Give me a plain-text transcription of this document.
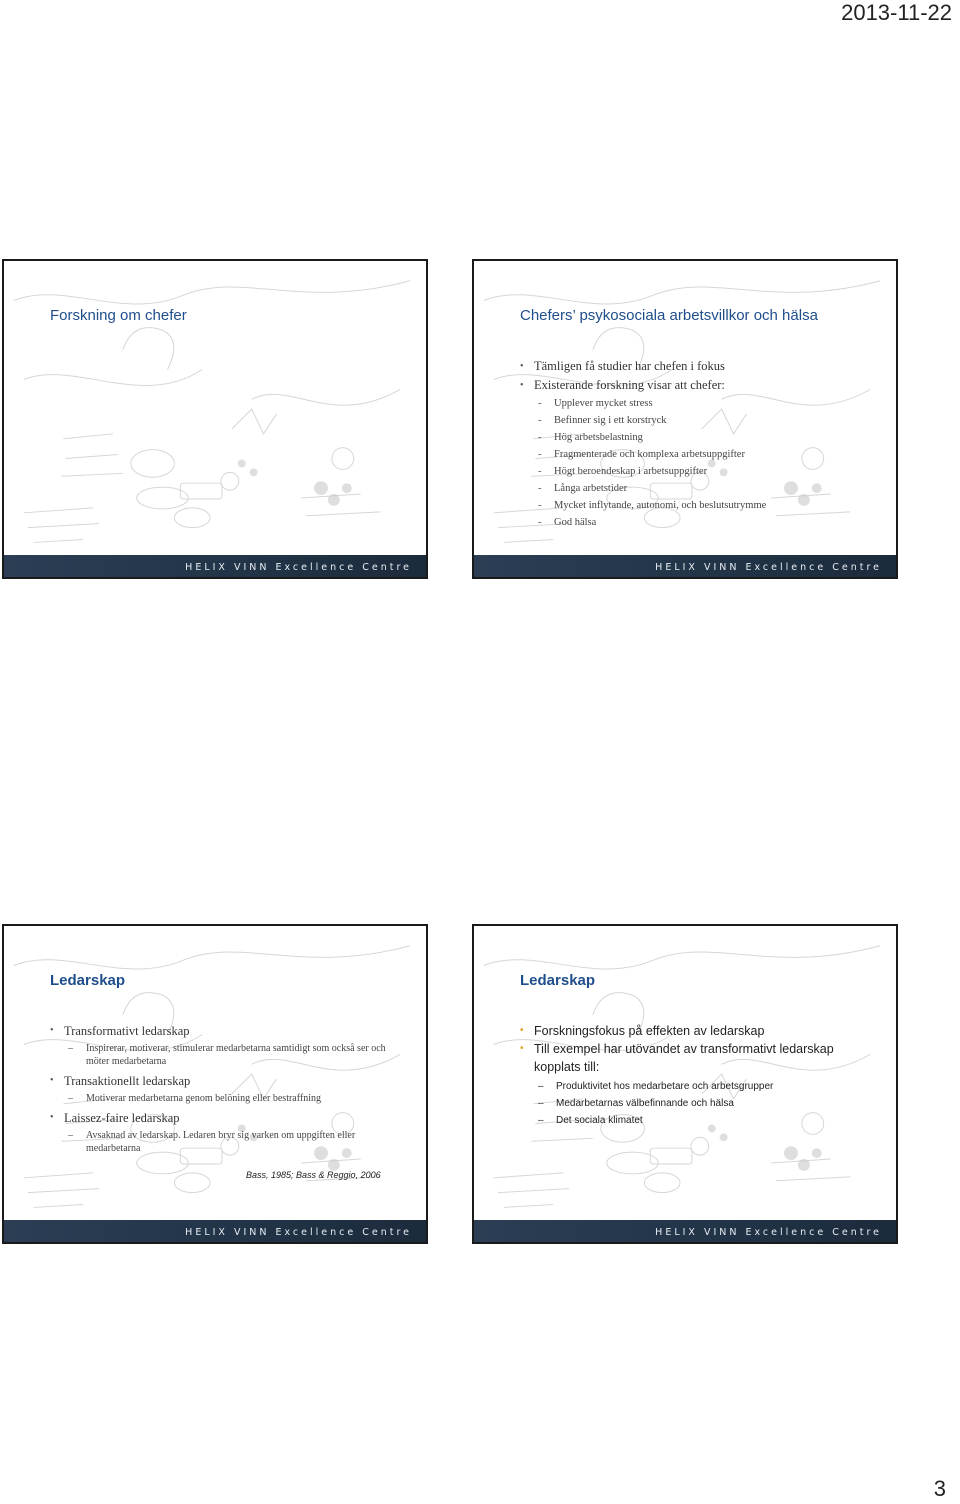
2013-11-22
HELIX VINN Excellence Centre
Forskning om chefer
HELIX VINN Excellence Centre
Chefers’ psykosociala arbetsvillkor och hälsa
• Tämligen få studier har chefen i fokus
• Existerande forskning visar att chefer:
- Upplever mycket stress
- Befinner sig i ett korstryck
- Hög arbetsbelastning
- Fragmenterade och komplexa arbetsuppgifter
- Högt beroendeskap i arbetsuppgifter
- Långa arbetstider
- Mycket inflytande, autonomi, och beslutsutrymme
- God hälsa
HELIX VINN Excellence Centre
Ledarskap
• Transformativt ledarskap
– Inspirerar, motiverar, stimulerar medarbetarna samtidigt som också ser och möter medarbetarna
• Transaktionellt ledarskap
– Motiverar medarbetarna genom belöning eller bestraffning
• Laissez-faire ledarskap
– Avsaknad av ledarskap. Ledaren bryr sig varken om uppgiften eller medarbetarna
Bass, 1985; Bass & Reggio, 2006
HELIX VINN Excellence Centre
Ledarskap
• Forskningsfokus på effekten av ledarskap
• Till exempel har utövandet av transformativt ledarskap kopplats till:
– Produktivitet hos medarbetare och arbetsgrupper
– Medarbetarnas välbefinnande och hälsa
– Det sociala klimatet
3
